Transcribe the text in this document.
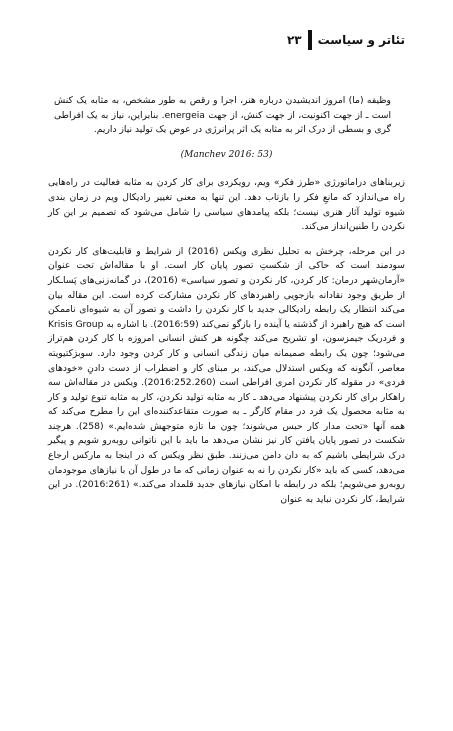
تئاتر و سیاست
۲۳

وظیفه (ما) امروز اندیشیدن درباره هنر، اجرا و رقص به طور مشخص، به مثابه یک کنش است ـ از جهت اکنونیت، از جهت کنش، از جهت energeia. بنابراین، نیاز به یک افراطی گری و بسطی از درک اثر به مثابه یک اثر پرانرژی در عوض یک تولید نیاز داریم.

(Manchev 2016: 53)

زیربناهای دراماتورژی «طرز فکر» ویم، رویکردی برای کار کردن به مثابه فعالیت در راه‌هایی راه می‌اندازد که مانعِ فکر را بازتاب دهد. این تنها به معنی تغییر رادیکال ویم در زمان بندی شیوه تولید آثار هنری نیست؛ بلکه پیامدهای سیاسی را شامل می‌شود که تصمیم بر این کار نکردن را طنین‌انداز می‌کند.

در این مرحله، چرخش به تحلیل نظری ویکس (2016) از شرایط و قابلیت‌های کار نکردن سودمند است که حاکی از شکستِ تصور پایان کار است. او با مقاله‌اش تحت عنوان «آرمان‌شهر درمان: کار کردن، کار نکردن و تصور سیاسی» (2016)، در گمانه‌زنی‌های پَسا‌ـکار از طریق وجود نقادانه بازجویی راهبردهای کار نکردن مشارکت کرده است. این مقاله بیان می‌کند انتظار یک رابطه رادیکالی جدید با کار نکردن را داشت و تصور آن به شیوه‌ای ناممکن است که هیچ راهبرد از گذشته یا آینده را بازگو نمی‌کند (2016:59). با اشاره به Krisis Group و فردریک جیمزسون، او تشریح می‌کند چگونه هر کنش انسانی امروزه با کار کردن هم‌تراز می‌شود؛ چون یک رابطه صمیمانه میان زندگی انسانی و کار کردن وجود دارد. سوبژکتیویته معاصر، آنگونه که ویکس استدلال می‌کند، بر مبنای کار و اضطراب از دست دادنِ «خودهای فردی» در مقوله کار نکردن امری افراطی است (2016:252.260). ویکس در مقاله‌اش سه راهکار برای کار نکردن پیشنهاد می‌دهد ـ کار به مثابه تولید نکردن، کار به مثابه تنوع تولید و کار به مثابه محصول یک فرد در مقام کارگر ـ به صورت متقاعدکننده‌ای این را مطرح می‌کند که همه آنها «تحت مدار کار حبس می‌شوند؛ چون ما تازه متوجهش شده‌ایم.» (258). هرچند شکست در تصور پایان یافتن کار نیز نشان می‌دهد ما باید با این ناتوانی روبه‌رو شویم و پیگیر درک شرایطی باشیم که به دان دامن می‌زنند. طبق نظر ویکس که در اینجا به مارکس ارجاع می‌دهد، کسی که باید «کار نکردن را نه به عنوان زمانی که ما در طول آن با نیازهای موجودمان روبه‌رو می‌شویم؛ بلکه در رابطه با امکان نیازهای جدید قلمداد می‌کند.» (2016:261). در این شرایط، کار نکردن نباید به عنوان
